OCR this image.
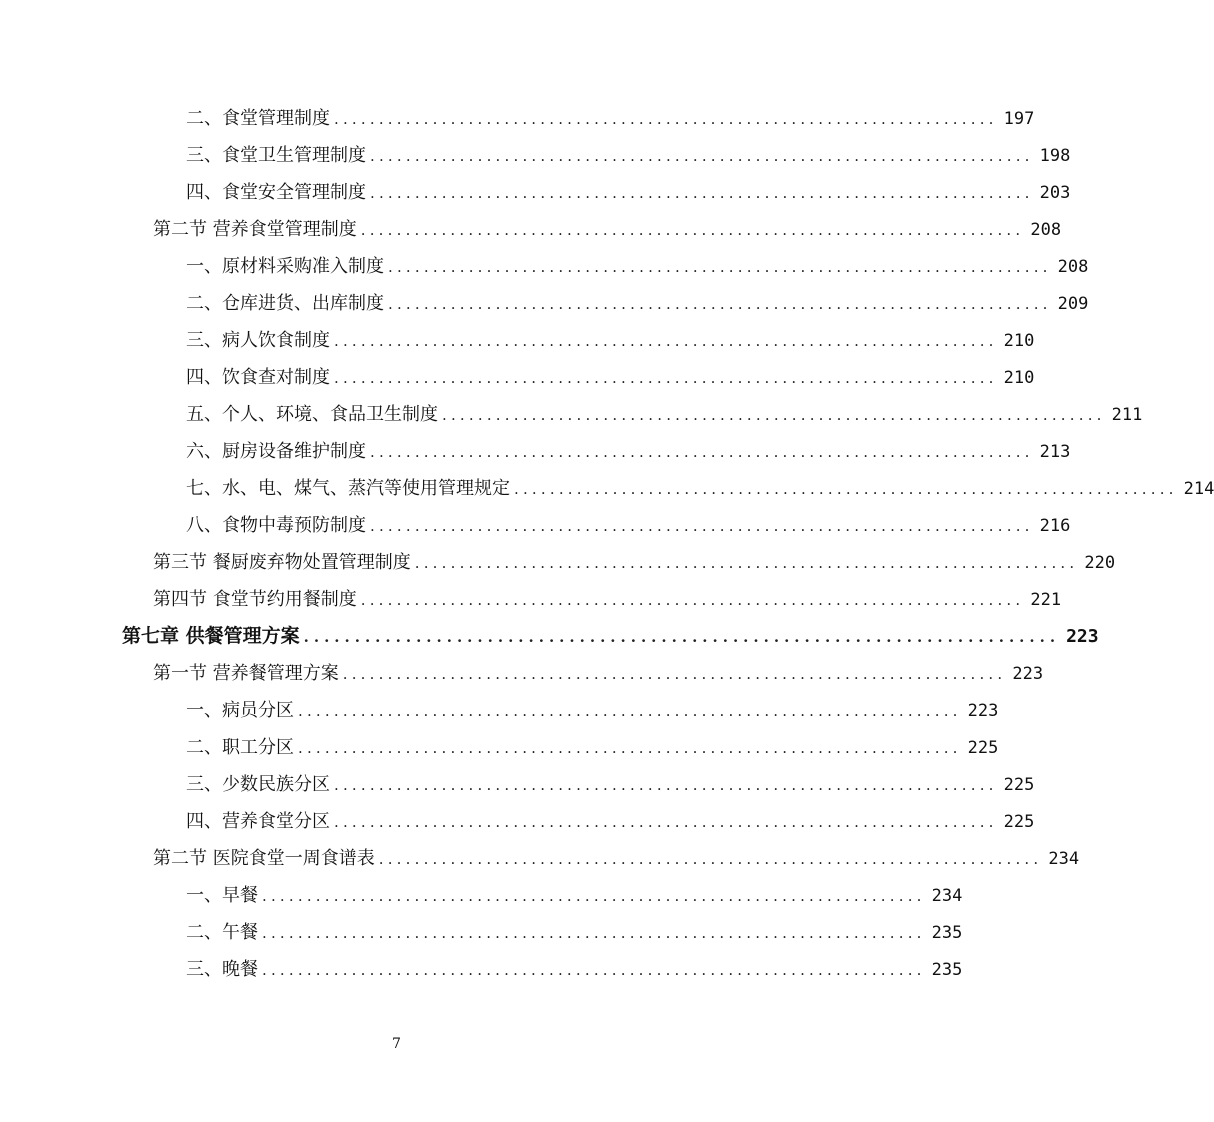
二、食堂管理制度 .......................................................................... 197
三、食堂卫生管理制度 .......................................................................... 198
四、食堂安全管理制度 .......................................................................... 203
第二节 营养食堂管理制度 .......................................................................... 208
一、原材料采购准入制度 .......................................................................... 208
二、仓库进货、出库制度 .......................................................................... 209
三、病人饮食制度 .......................................................................... 210
四、饮食查对制度 .......................................................................... 210
五、个人、环境、食品卫生制度 .......................................................................... 211
六、厨房设备维护制度 .......................................................................... 213
七、水、电、煤气、蒸汽等使用管理规定 .......................................................................... 214
八、食物中毒预防制度 .......................................................................... 216
第三节 餐厨废弃物处置管理制度 .......................................................................... 220
第四节 食堂节约用餐制度 .......................................................................... 221
第七章 供餐管理方案 .......................................................................... 223
第一节 营养餐管理方案 .......................................................................... 223
一、病员分区 .......................................................................... 223
二、职工分区 .......................................................................... 225
三、少数民族分区 .......................................................................... 225
四、营养食堂分区 .......................................................................... 225
第二节 医院食堂一周食谱表 .......................................................................... 234
一、早餐 .......................................................................... 234
二、午餐 .......................................................................... 235
三、晚餐 .......................................................................... 235
7
